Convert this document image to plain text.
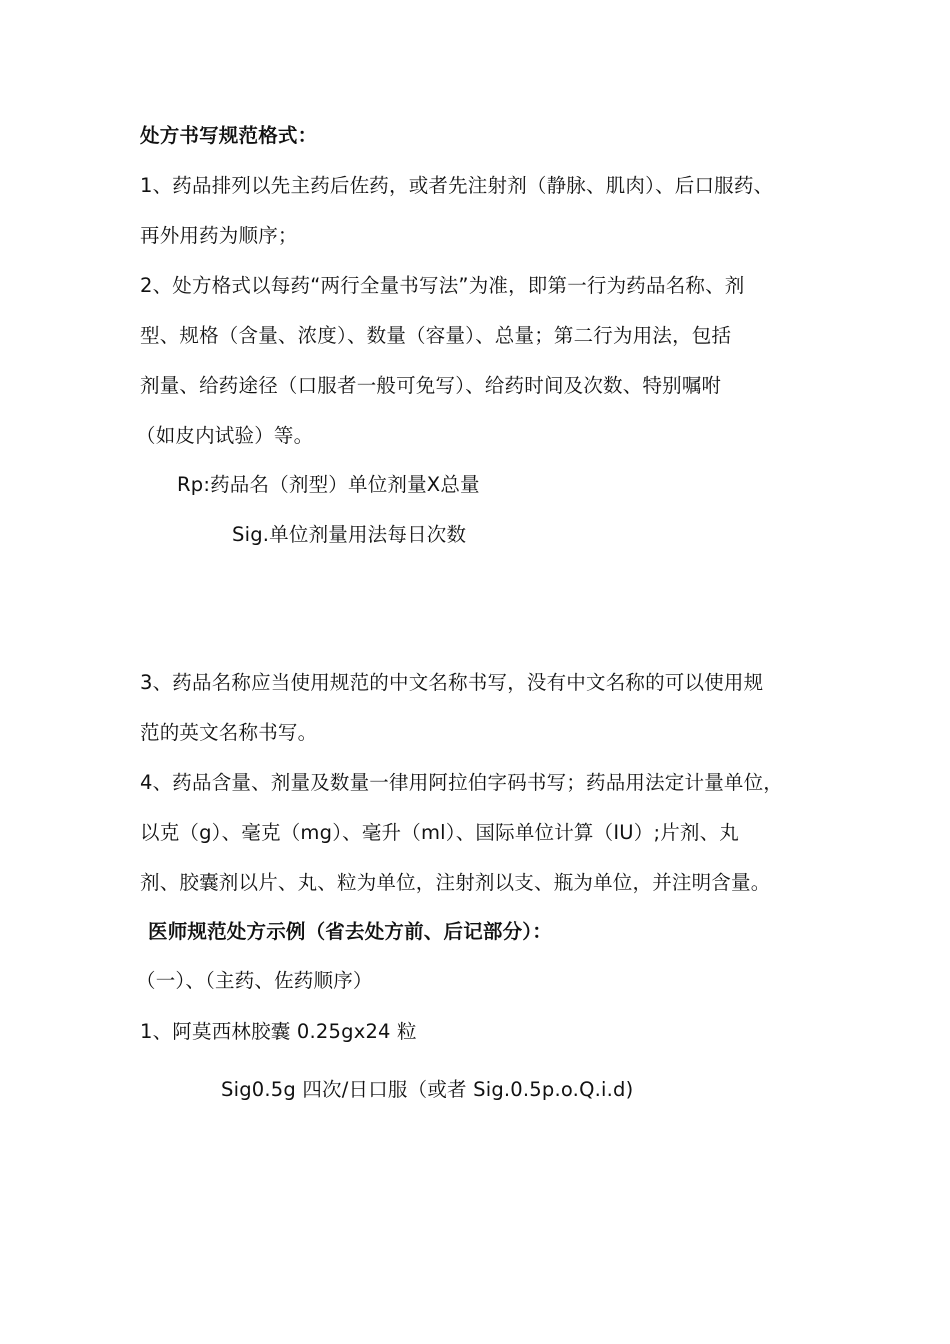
处方书写规范格式：
1、药品排列以先主药后佐药，或者先注射剂（静脉、肌肉）、后口服药、
再外用药为顺序；
2、处方格式以每药“两行全量书写法”为准，即第一行为药品名称、剂
型、规格（含量、浓度）、数量（容量）、总量；第二行为用法，包括
剂量、给药途径（口服者一般可免写）、给药时间及次数、特别嘱咐
（如皮内试验）等。
Rp:药品名（剂型）单位剂量Ⅹ总量
Sig.单位剂量用法每日次数
3、药品名称应当使用规范的中文名称书写，没有中文名称的可以使用规
范的英文名称书写。
4、药品含量、剂量及数量一律用阿拉伯字码书写；药品用法定计量单位，
以克（g）、毫克（mg）、毫升（ml）、国际单位计算（IU）;片剂、丸
剂、胶囊剂以片、丸、粒为单位，注射剂以支、瓶为单位，并注明含量。
医师规范处方示例（省去处方前、后记部分）：
（一）、（主药、佐药顺序）
1、阿莫西林胶囊 0.25gx24 粒
Sig0.5g 四次/日口服（或者 Sig.0.5p.o.Q.i.d)
